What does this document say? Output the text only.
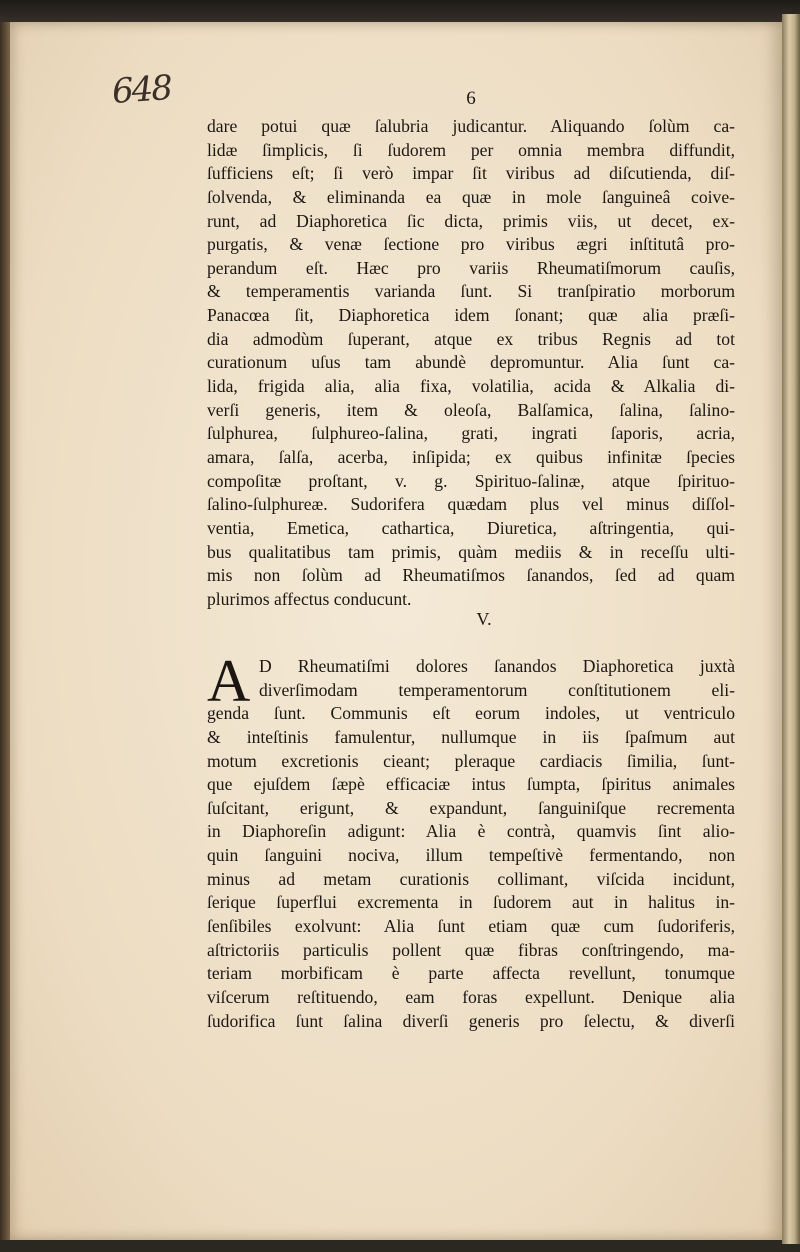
648	6
dare potui quæ ſalubria judicantur. Aliquando ſolùm ca-
lidæ ſimplicis, ſi ſudorem per omnia membra diffundit,
ſufficiens eſt; ſi verò impar ſit viribus ad diſcutienda, diſ-
ſolvenda, & eliminanda ea quæ in mole ſanguineâ coive-
runt, ad Diaphoretica ſic dicta, primis viis, ut decet, ex-
purgatis, & venæ ſectione pro viribus ægri inſtitutâ pro-
perandum eſt. Hæc pro variis Rheumatiſmorum cauſis,
& temperamentis varianda ſunt. Si tranſpiratio morborum
Panacœa ſit, Diaphoretica idem ſonant; quæ alia præſi-
dia admodùm ſuperant, atque ex tribus Regnis ad tot
curationum uſus tam abundè depromuntur. Alia ſunt ca-
lida, frigida alia, alia fixa, volatilia, acida & Alkalia di-
verſi generis, item & oleoſa, Balſamica, ſalina, ſalino-
ſulphurea, ſulphureo-ſalina, grati, ingrati ſaporis, acria,
amara, ſalſa, acerba, inſipida; ex quibus infinitæ ſpecies
compoſitæ proſtant, v. g. Spirituo-ſalinæ, atque ſpirituo-
ſalino-ſulphureæ. Sudorifera quædam plus vel minus diſſol-
ventia, Emetica, cathartica, Diuretica, aſtringentia, qui-
bus qualitatibus tam primis, quàm mediis & in receſſu ulti-
mis non ſolùm ad Rheumatiſmos ſanandos, ſed ad quam
plurimos affectus conducunt.
V.
A D Rheumatiſmi dolores ſanandos Diaphoretica juxtà
diverſimodam temperamentorum conſtitutionem eli-
genda ſunt. Communis eſt eorum indoles, ut ventriculo
& inteſtinis famulentur, nullumque in iis ſpaſmum aut
motum excretionis cieant; pleraque cardiacis ſimilia, ſunt-
que ejuſdem ſæpè efficaciæ intus ſumpta, ſpiritus animales
ſuſcitant, erigunt, & expandunt, ſanguiniſque recrementa
in Diaphoreſin adigunt: Alia è contrà, quamvis ſint alio-
quin ſanguini nociva, illum tempeſtivè fermentando, non
minus ad metam curationis collimant, viſcida incidunt,
ſerique ſuperflui excrementa in ſudorem aut in halitus in-
ſenſibiles exolvunt: Alia ſunt etiam quæ cum ſudoriferis,
aſtrictoriis particulis pollent quæ fibras conſtringendo, ma-
teriam morbificam è parte affecta revellunt, tonumque
viſcerum reſtituendo, eam foras expellunt. Denique alia
ſudorifica ſunt ſalina diverſi generis pro ſelectu, & diverſi
